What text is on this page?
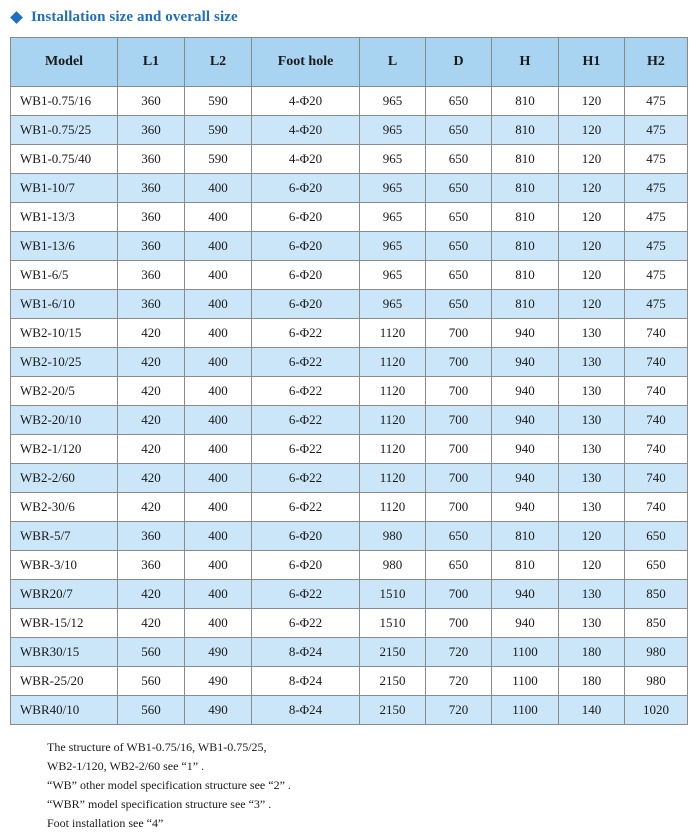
Installation size and overall size
Model	L1	L2	Foot hole	L	D	H	H1	H2
WB1-0.75/16	360	590	4-Φ20	965	650	810	120	475
WB1-0.75/25	360	590	4-Φ20	965	650	810	120	475
WB1-0.75/40	360	590	4-Φ20	965	650	810	120	475
WB1-10/7	360	400	6-Φ20	965	650	810	120	475
WB1-13/3	360	400	6-Φ20	965	650	810	120	475
WB1-13/6	360	400	6-Φ20	965	650	810	120	475
WB1-6/5	360	400	6-Φ20	965	650	810	120	475
WB1-6/10	360	400	6-Φ20	965	650	810	120	475
WB2-10/15	420	400	6-Φ22	1120	700	940	130	740
WB2-10/25	420	400	6-Φ22	1120	700	940	130	740
WB2-20/5	420	400	6-Φ22	1120	700	940	130	740
WB2-20/10	420	400	6-Φ22	1120	700	940	130	740
WB2-1/120	420	400	6-Φ22	1120	700	940	130	740
WB2-2/60	420	400	6-Φ22	1120	700	940	130	740
WB2-30/6	420	400	6-Φ22	1120	700	940	130	740
WBR-5/7	360	400	6-Φ20	980	650	810	120	650
WBR-3/10	360	400	6-Φ20	980	650	810	120	650
WBR20/7	420	400	6-Φ22	1510	700	940	130	850
WBR-15/12	420	400	6-Φ22	1510	700	940	130	850
WBR30/15	560	490	8-Φ24	2150	720	1100	180	980
WBR-25/20	560	490	8-Φ24	2150	720	1100	180	980
WBR40/10	560	490	8-Φ24	2150	720	1100	140	1020
The structure of WB1-0.75/16, WB1-0.75/25,
WB2-1/120, WB2-2/60 see “1” .
“WB” other model specification structure see “2” .
“WBR” model specification structure see “3” .
Foot installation see “4”
